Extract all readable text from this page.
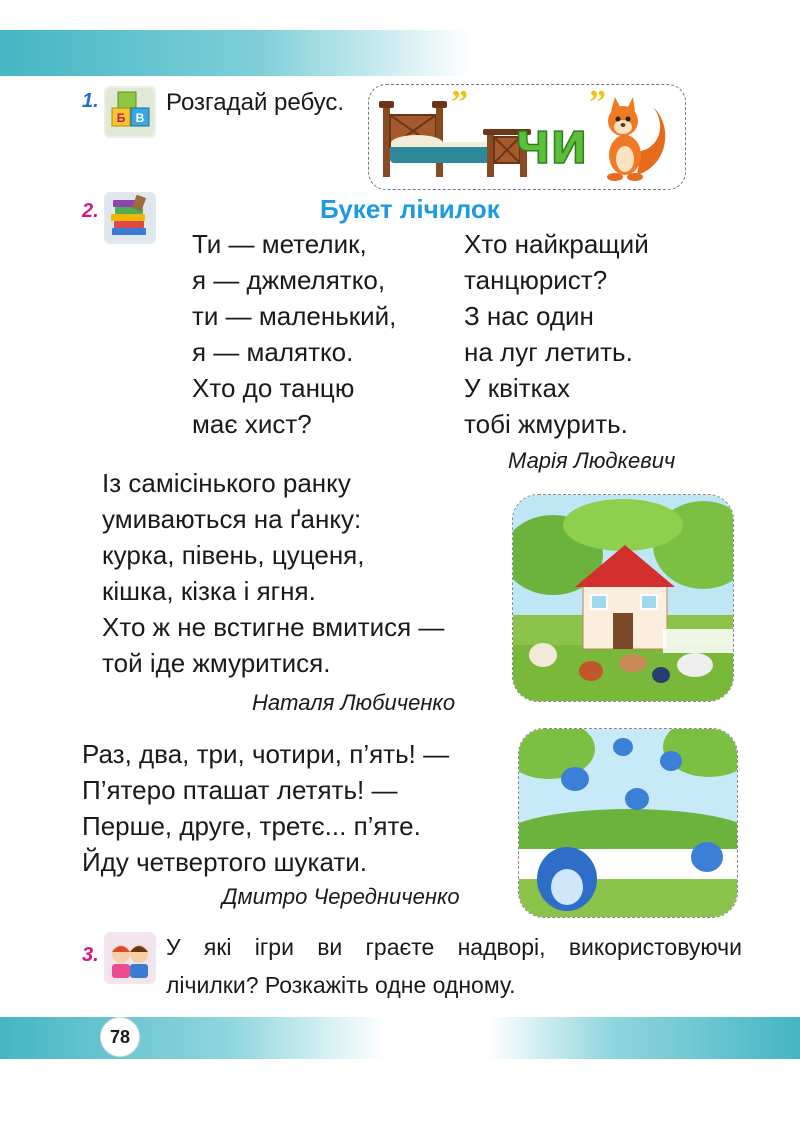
1.
Б В
Розгадай ребус.	”	”
ЧИ
2.	Букет лічилок
Ти — метелик,
я — джмелятко,
ти — маленький,
я — малятко.
Хто до танцю
має хист?
Хто найкращий
танцюрист?
З нас один
на луг летить.
У квітках
тобі жмурить.
Марія Людкевич
Із самісінького ранку
умиваються на ґанку:
курка, півень, цуценя,
кішка, кізка і ягня.
Хто ж не встигне вмитися —
той іде жмуритися.
Наталя Любиченко
Раз, два, три, чотири, п’ять! —
П’ятеро пташат летять! —
Перше, друге, третє... п’яте.
Йду четвертого шукати.
Дмитро Чередниченко
3.	У які ігри ви граєте надворі, використовуючи
лічилки? Розкажіть одне одному.
78
